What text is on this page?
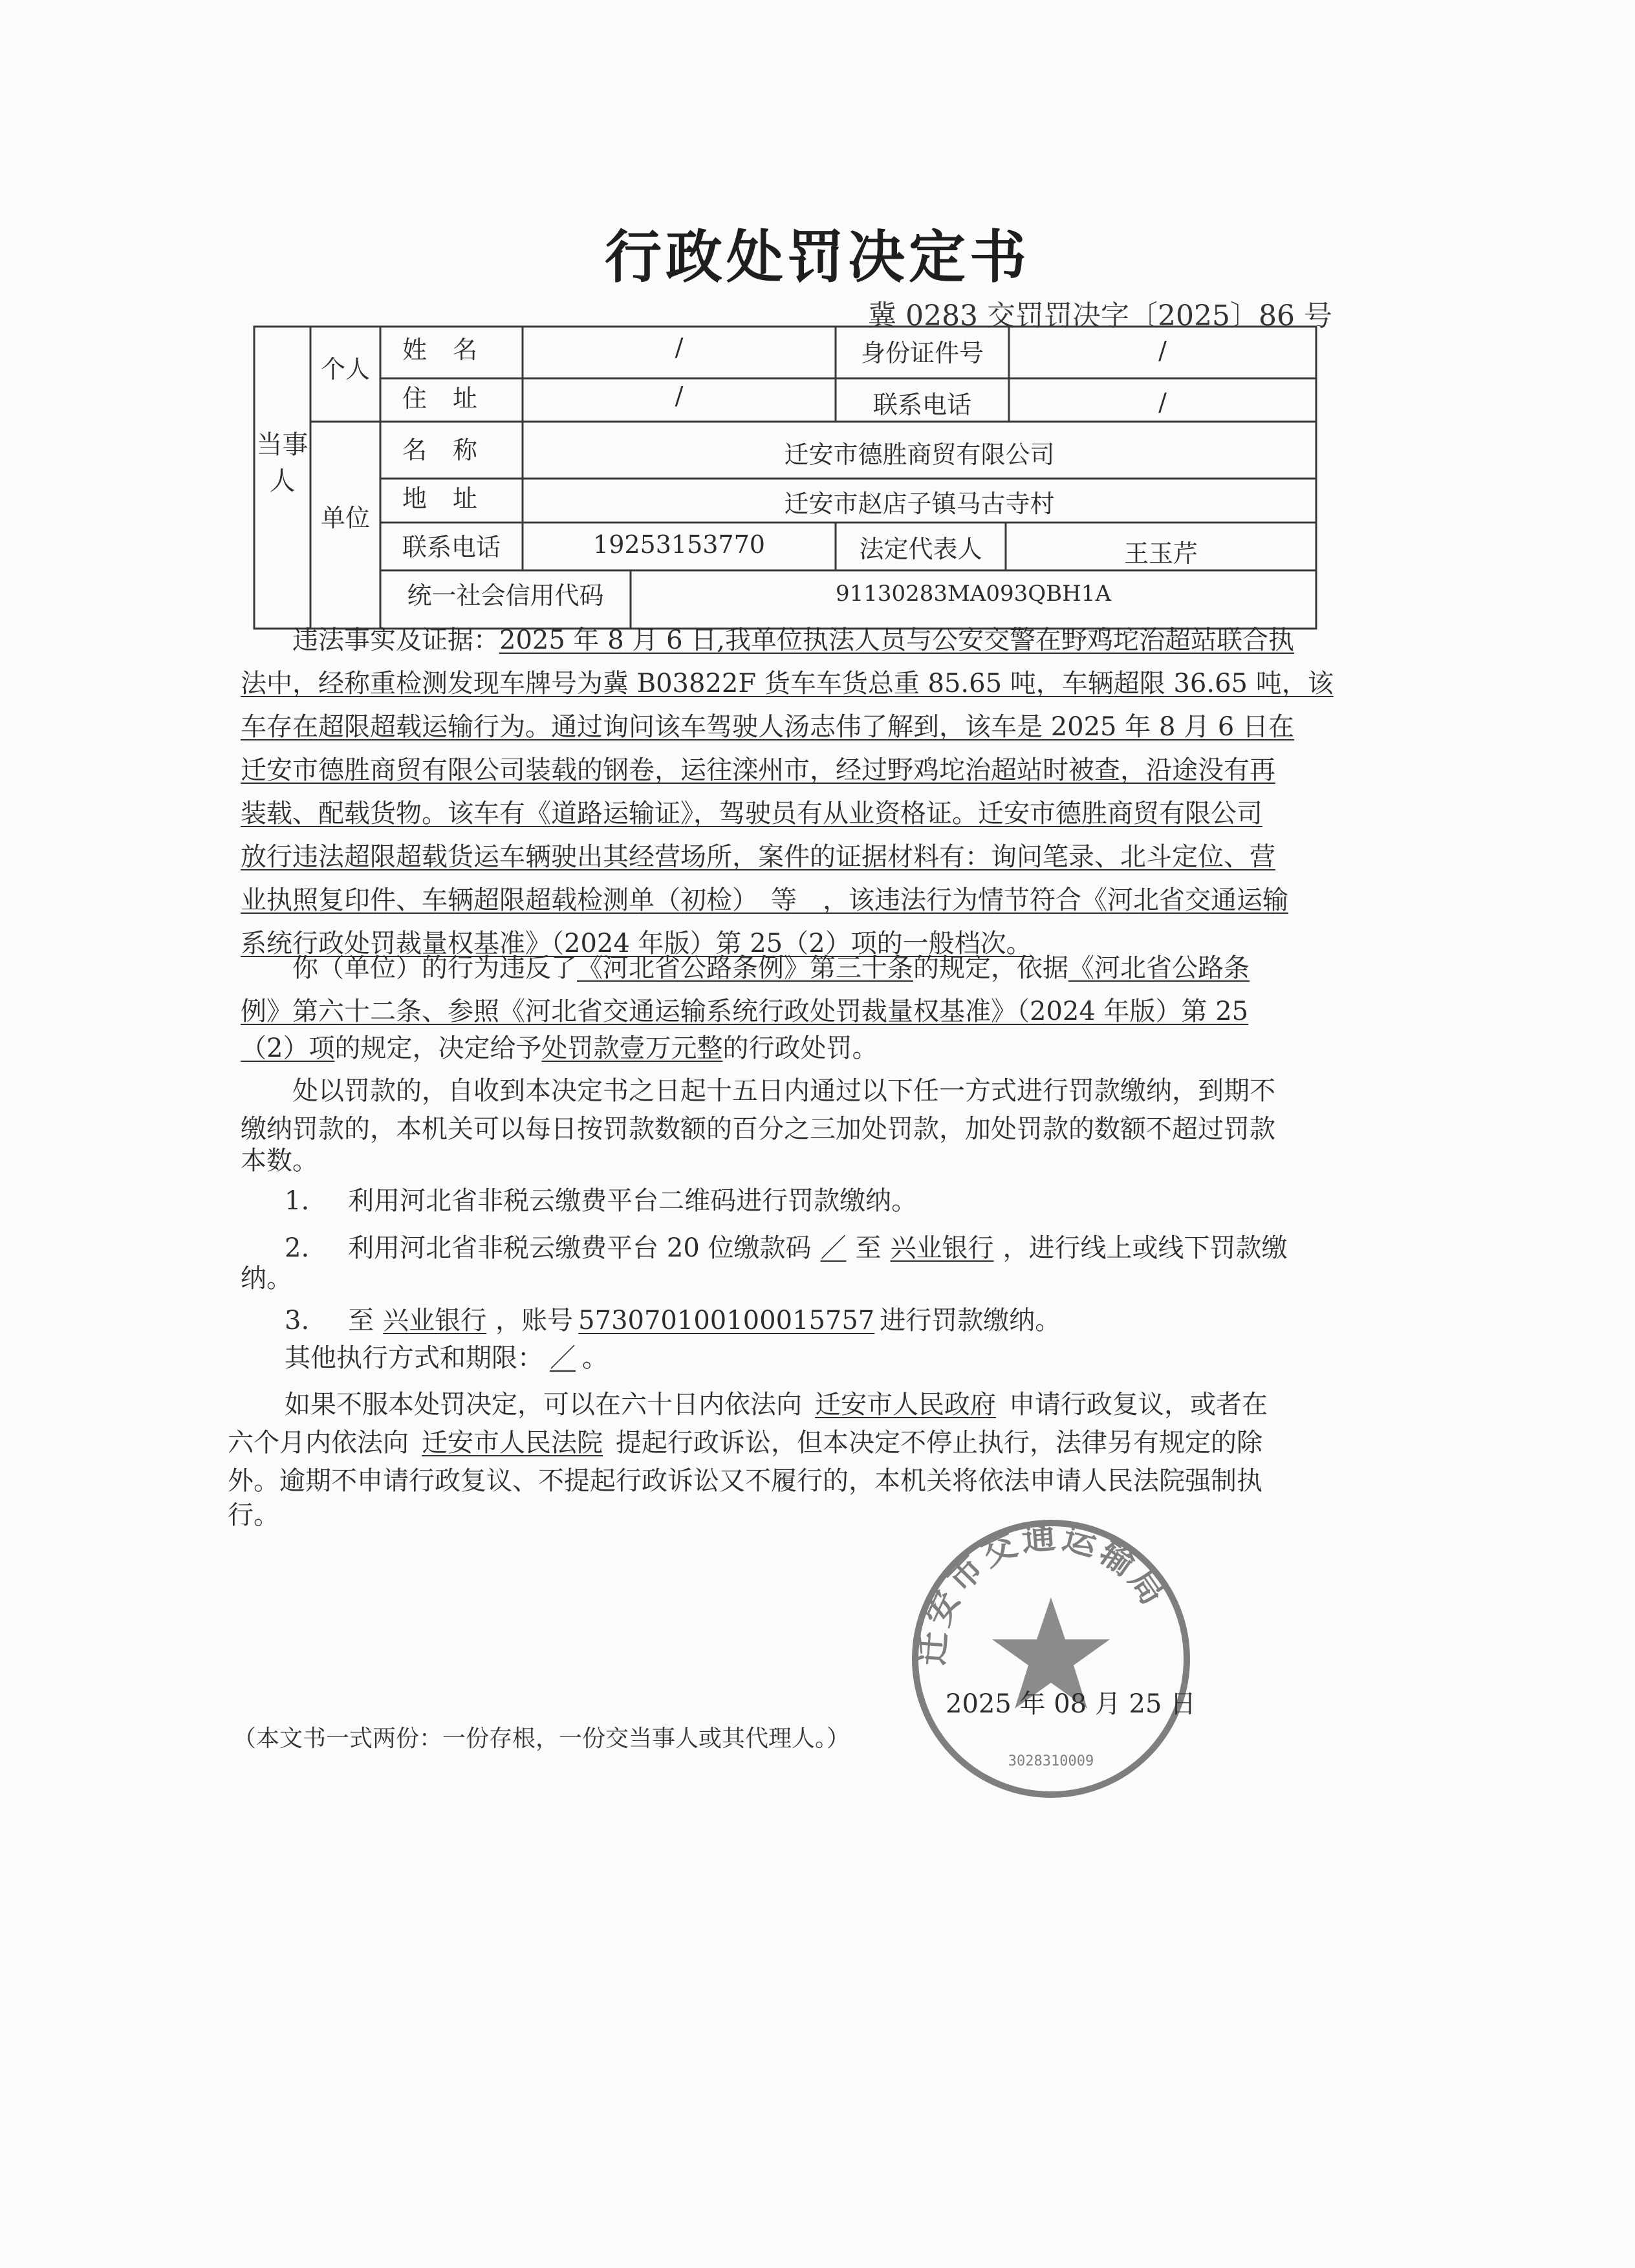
行政处罚决定书
冀 0283 交罚罚决字〔2025〕86 号
当事人
个人
单位
姓名	/	身份证件号	/
住址	/	联系电话	/
名称	迁安市德胜商贸有限公司
地址	迁安市赵店子镇马古寺村
联系电话	19253153770	法定代表人	王玉芹
统一社会信用代码	91130283MA093QBH1A
违法事实及证据：2025 年 8 月 6 日,我单位执法人员与公安交警在野鸡坨治超站联合执
法中，经称重检测发现车牌号为冀 B03822F 货车车货总重 85.65 吨，车辆超限 36.65 吨，该
车存在超限超载运输行为。通过询问该车驾驶人汤志伟了解到，该车是 2025 年 8 月 6 日在
迁安市德胜商贸有限公司装载的钢卷，运往滦州市，经过野鸡坨治超站时被查，沿途没有再
装载、配载货物。该车有《道路运输证》，驾驶员有从业资格证。迁安市德胜商贸有限公司
放行违法超限超载货运车辆驶出其经营场所，案件的证据材料有：询问笔录、北斗定位、营
业执照复印件、车辆超限超载检测单（初检）　等　，该违法行为情节符合《河北省交通运输
系统行政处罚裁量权基准》（2024 年版）第 25（2）项的一般档次。
你（单位）的行为违反了《河北省公路条例》第三十条的规定，依据《河北省公路条
例》第六十二条、参照《河北省交通运输系统行政处罚裁量权基准》（2024 年版）第 25
（2）项的规定，决定给予处罚款壹万元整的行政处罚。
处以罚款的，自收到本决定书之日起十五日内通过以下任一方式进行罚款缴纳，到期不
缴纳罚款的，本机关可以每日按罚款数额的百分之三加处罚款，加处罚款的数额不超过罚款
本数。
1. 利用河北省非税云缴费平台二维码进行罚款缴纳。
2. 利用河北省非税云缴费平台 20 位缴款码 ／ 至 兴业银行 ，进行线上或线下罚款缴
纳。
3. 至 兴业银行 ，账号 573070100100015757 进行罚款缴纳。
其他执行方式和期限： ／ 。
如果不服本处罚决定，可以在六十日内依法向 迁安市人民政府 申请行政复议，或者在
六个月内依法向 迁安市人民法院 提起行政诉讼，但本决定不停止执行，法律另有规定的除
外。逾期不申请行政复议、不提起行政诉讼又不履行的，本机关将依法申请人民法院强制执
行。
迁安市交通运输局
3028310009
2025 年 08 月 25 日
（本文书一式两份：一份存根，一份交当事人或其代理人。）
